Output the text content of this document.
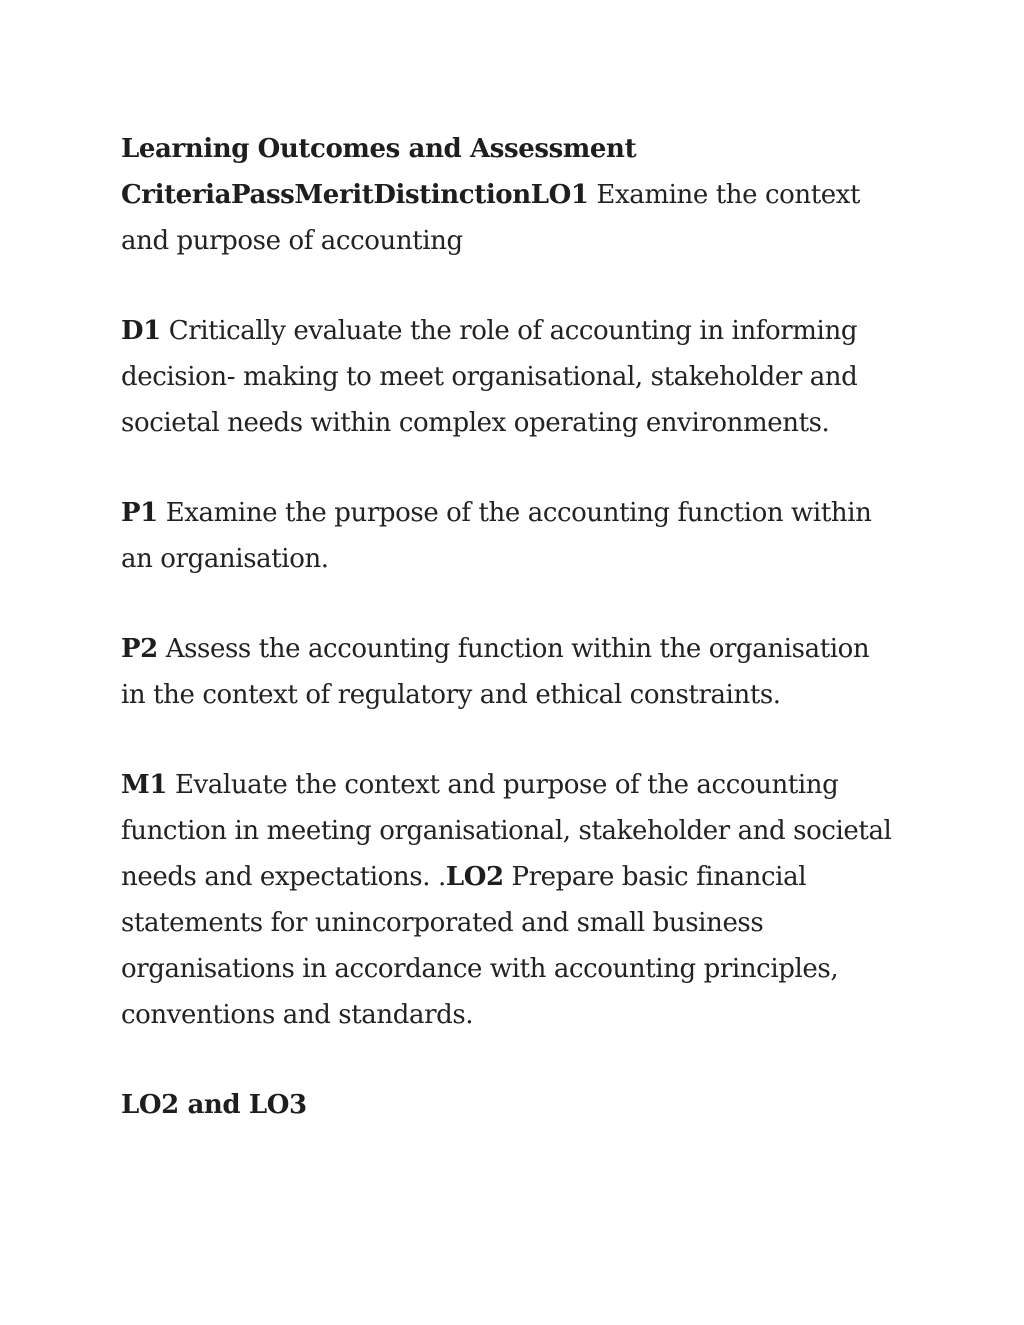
Learning Outcomes and Assessment CriteriaPassMeritDistinctionLO1 Examine the context and purpose of accounting

D1 Critically evaluate the role of accounting in informing decision- making to meet organisational, stakeholder and societal needs within complex operating environments.

P1 Examine the purpose of the accounting function within an organisation.

P2 Assess the accounting function within the organisation in the context of regulatory and ethical constraints.

M1 Evaluate the context and purpose of the accounting function in meeting organisational, stakeholder and societal needs and expectations. .LO2 Prepare basic financial statements for unincorporated and small business organisations in accordance with accounting principles, conventions and standards.

LO2 and LO3
